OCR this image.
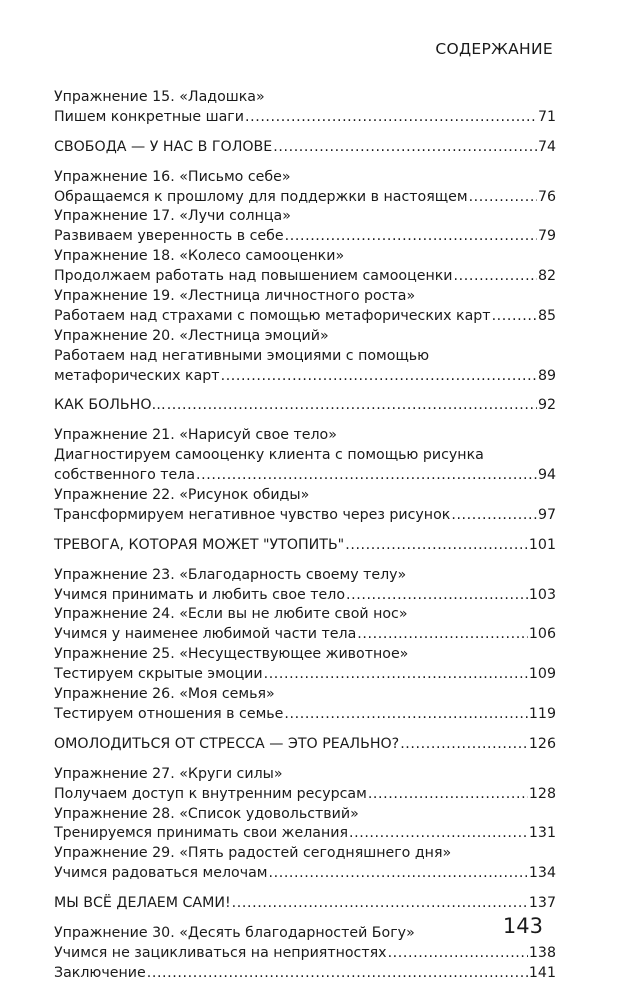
СОДЕРЖАНИЕ
Упражнение 15. «Ладошка»
Пишем конкретные шаги .....	71
СВОБОДА — У НАС В ГОЛОВЕ .....	74
Упражнение 16. «Письмо себе»
Обращаемся к прошлому для поддержки в настоящем .....	76
Упражнение 17. «Лучи солнца»
Развиваем уверенность в себе .....	79
Упражнение 18. «Колесо самооценки»
Продолжаем работать над повышением самооценки .....	82
Упражнение 19. «Лестница личностного роста»
Работаем над страхами с помощью метафорических карт .....	85
Упражнение 20. «Лестница эмоций»
Работаем над негативными эмоциями с помощью
метафорических карт .....	89
КАК БОЛЬНО… .....	92
Упражнение 21. «Нарисуй свое тело»
Диагностируем самооценку клиента с помощью рисунка
собственного тела .....	94
Упражнение 22. «Рисунок обиды»
Трансформируем негативное чувство через рисунок .....	97
ТРЕВОГА, КОТОРАЯ МОЖЕТ "УТОПИТЬ" .....	101
Упражнение 23. «Благодарность своему телу»
Учимся принимать и любить свое тело .....	103
Упражнение 24. «Если вы не любите свой нос»
Учимся у наименее любимой части тела .....	106
Упражнение 25. «Несуществующее животное»
Тестируем скрытые эмоции .....	109
Упражнение 26. «Моя семья»
Тестируем отношения в семье .....	119
ОМОЛОДИТЬСЯ ОТ СТРЕССА — ЭТО РЕАЛЬНО? .....	126
Упражнение 27. «Круги силы»
Получаем доступ к внутренним ресурсам .....	128
Упражнение 28. «Список удовольствий»
Тренируемся принимать свои желания .....	131
Упражнение 29. «Пять радостей сегодняшнего дня»
Учимся радоваться мелочам .....	134
МЫ ВСЁ ДЕЛАЕМ САМИ! .....	137
Упражнение 30. «Десять благодарностей Богу»
Учимся не зацикливаться на неприятностях .....	138
Заключение .....	141
143
